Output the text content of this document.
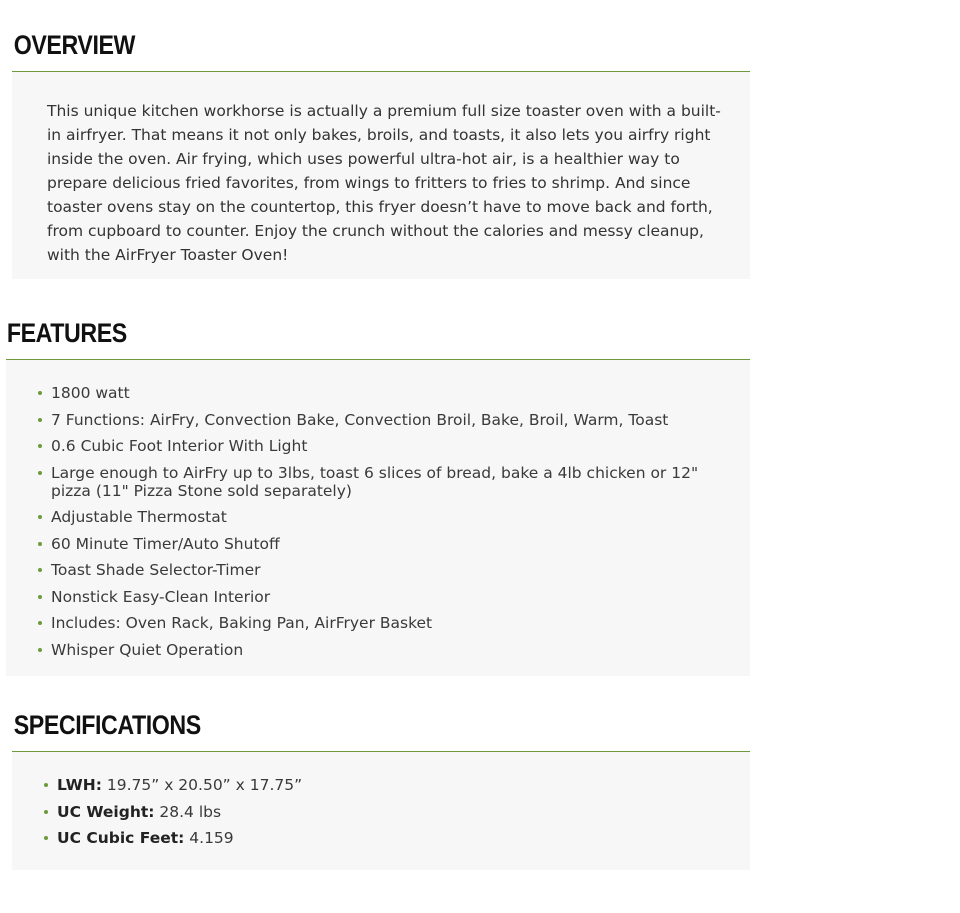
OVERVIEW

This unique kitchen workhorse is actually a premium full size toaster oven with a built-in airfryer. That means it not only bakes, broils, and toasts, it also lets you airfry right inside the oven. Air frying, which uses powerful ultra-hot air, is a healthier way to prepare delicious fried favorites, from wings to fritters to fries to shrimp. And since toaster ovens stay on the countertop, this fryer doesn’t have to move back and forth, from cupboard to counter. Enjoy the crunch without the calories and messy cleanup, with the AirFryer Toaster Oven!

FEATURES
1800 watt
7 Functions: AirFry, Convection Bake, Convection Broil, Bake, Broil, Warm, Toast
0.6 Cubic Foot Interior With Light
Large enough to AirFry up to 3lbs, toast 6 slices of bread, bake a 4lb chicken or 12" pizza (11" Pizza Stone sold separately)
Adjustable Thermostat
60 Minute Timer/Auto Shutoff
Toast Shade Selector-Timer
Nonstick Easy-Clean Interior
Includes: Oven Rack, Baking Pan, AirFryer Basket
Whisper Quiet Operation
SPECIFICATIONS
LWH: 19.75” x 20.50” x 17.75”
UC Weight: 28.4 lbs
UC Cubic Feet: 4.159
